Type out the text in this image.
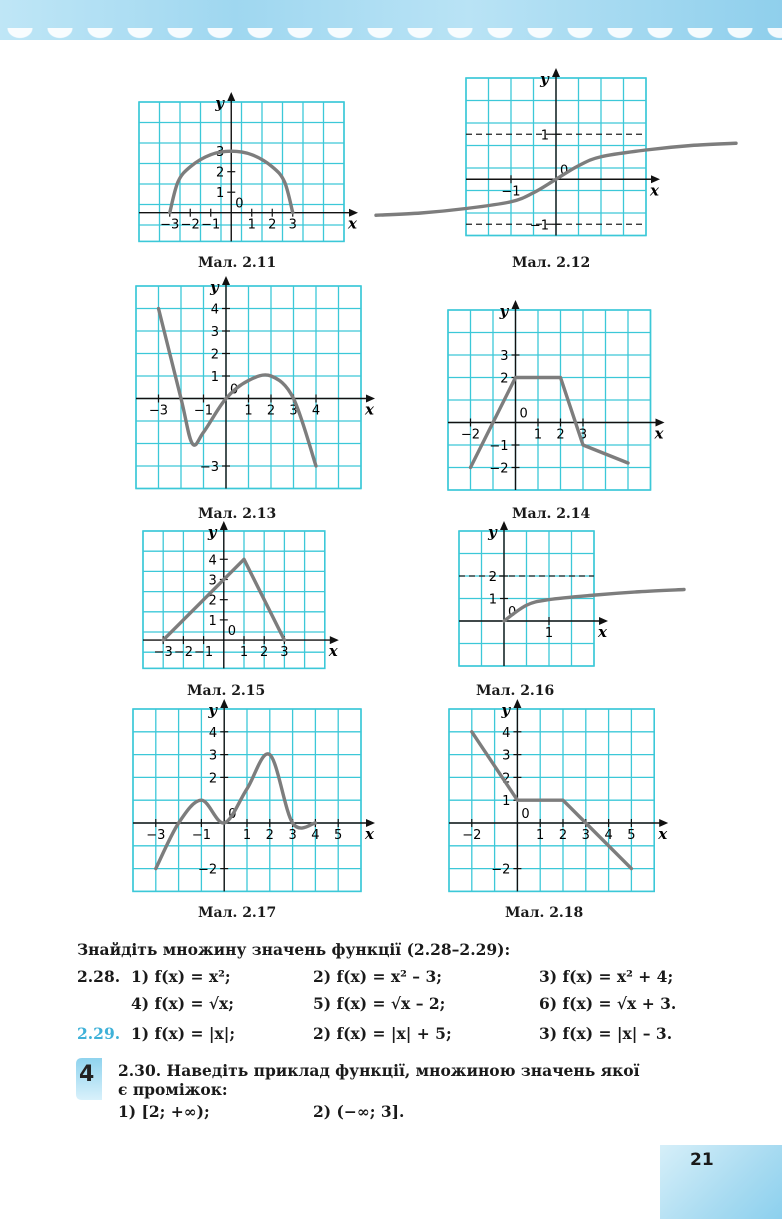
x
y
−3 −2 −1
0
1 2 3
1
2
3
x
y
−1
0
1
−1
x
y
−3 −1
0
1 2 3 4
4
3
2
1
−3
x
y
−2
0
1 2 3
3
2
−1
−2
x
y
−3 −2 −1
0
1 2 3
1
2
3
4
x
y
0
1
1
2
x
y
−3 −1
0
1 2 3 4 5
4
3
2
−2
x
y
−2
0
1 2 3 4 5
4
3
2
1
−2
Мал. 2.11	Мал. 2.12
Мал. 2.13	Мал. 2.14
Мал. 2.15	Мал. 2.16
Мал. 2.17	Мал. 2.18
Знайдіть множину значень функції (2.28–2.29):
2.28. 1) f(x) = x²;	2) f(x) = x² – 3;	3) f(x) = x² + 4;
4) f(x) = √x;	5) f(x) = √x – 2;	6) f(x) = √x + 3.
2.29. 1) f(x) = |x|;	2) f(x) = |x| + 5;	3) f(x) = |x| – 3.
4 2.30. Наведіть приклад функції, множиною значень якої
є проміжок:
1) [2; +∞);	2) (−∞; 3].
21
